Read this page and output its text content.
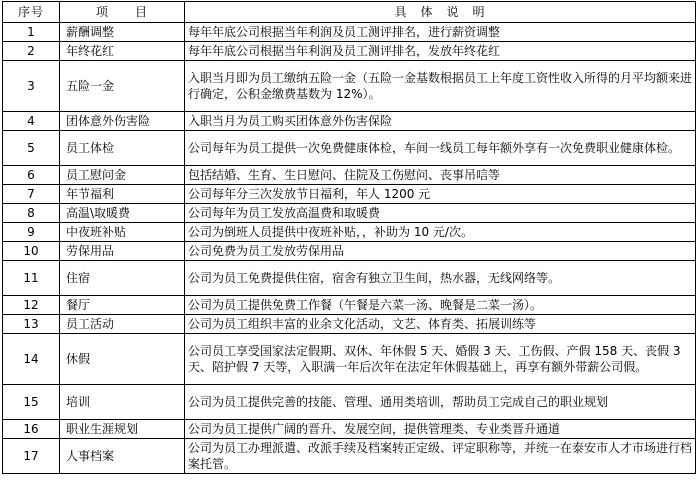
序号	项　　目	具　体　说　明
1	薪酬调整	每年年底公司根据当年利润及员工测评排名，进行薪资调整
2	年终花红	每年年底公司根据当年利润及员工测评排名，发放年终花红
3	五险一金	入职当月即为员工缴纳五险一金（五险一金基数根据员工上年度工资性收入所得的月平均额来进行确定，公积金缴费基数为 12%）。
4	团体意外伤害险	入职当月为员工购买团体意外伤害保险
5	员工体检	公司每年为员工提供一次免费健康体检，车间一线员工每年额外享有一次免费职业健康体检。
6	员工慰问金	包括结婚、生育、生日慰问、住院及工伤慰问、丧事吊唁等
7	年节福利	公司每年分三次发放节日福利，年人 1200 元
8	高温\取暖费	公司每年为员工发放高温费和取暖费
9	中夜班补贴	公司为倒班人员提供中夜班补贴，，补助为 10 元/次。
10	劳保用品	公司免费为员工发放劳保用品
11	住宿	公司为员工免费提供住宿，宿舍有独立卫生间，热水器，无线网络等。
12	餐厅	公司为员工提供免费工作餐（午餐是六菜一汤、晚餐是二菜一汤）。
13	员工活动	公司为员工组织丰富的业余文化活动，文艺、体育类、拓展训练等
14	休假	公司员工享受国家法定假期、双休、年休假 5 天、婚假 3 天、工伤假、产假 158 天、丧假 3 天、陪护假 7 天等，入职满一年后次年在法定年休假基础上，再享有额外带薪公司假。
15	培训	公司为员工提供完善的技能、管理、通用类培训，帮助员工完成自己的职业规划
16	职业生涯规划	公司为员工提供广阔的晋升、发展空间，提供管理类、专业类晋升通道
17	人事档案	公司为员工办理派遣、改派手续及档案转正定级、评定职称等，并统一在泰安市人才市场进行档案托管。
